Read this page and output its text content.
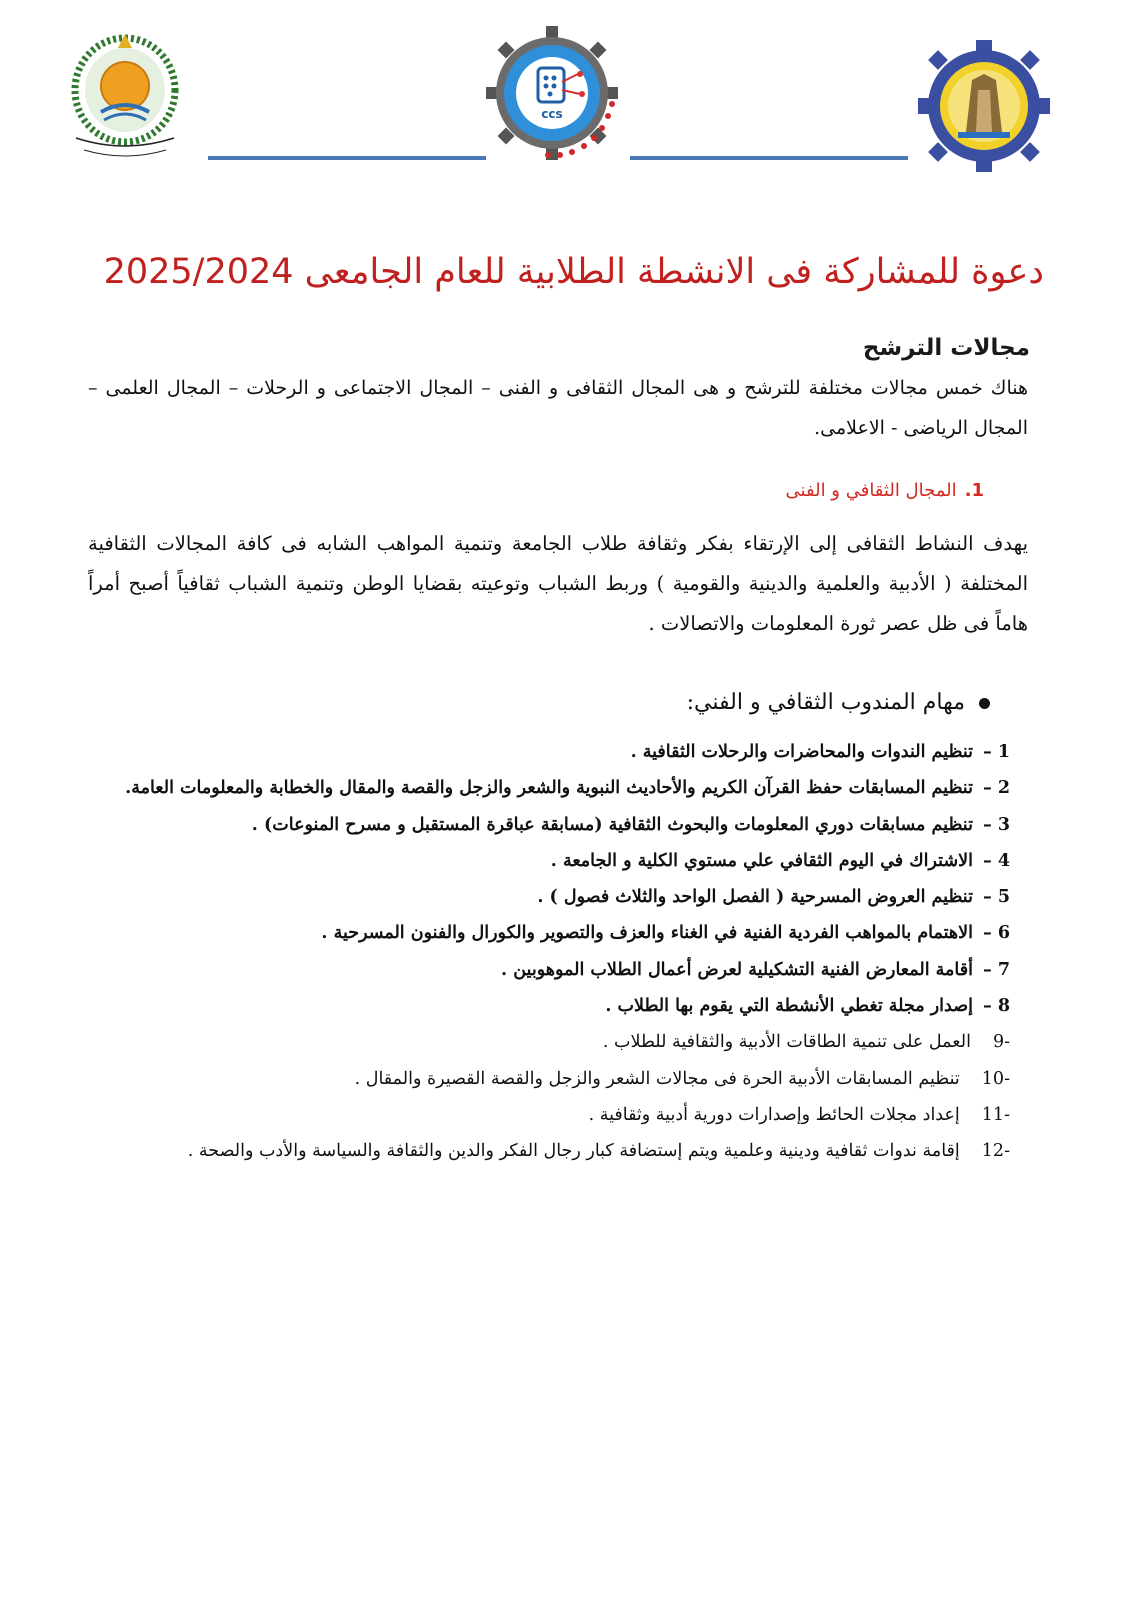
ccs
دعوة للمشاركة فى الانشطة الطلابية للعام الجامعى 2025/2024
مجالات الترشح
هناك خمس مجالات مختلفة للترشح و هى المجال الثقافى و الفنى – المجال الاجتماعى و الرحلات – المجال العلمى – المجال الرياضى - الاعلامى.
1.المجال الثقافي و الفنى
يهدف النشاط الثقافى إلى الإرتقاء بفكر وثقافة طلاب الجامعة وتنمية المواهب الشابه فى كافة المجالات الثقافية المختلفة ( الأدبية والعلمية والدينية والقومية ) وربط الشباب وتوعيته بقضايا الوطن وتنمية الشباب ثقافياً أصبح أمراً هاماً فى ظل عصر ثورة المعلومات والاتصالات .
مهام المندوب الثقافي و الفني:
1 –تنظيم الندوات والمحاضرات والرحلات الثقافية .
2 –تنظيم المسابقات حفظ القرآن الكريم والأحاديث النبوية والشعر والزجل والقصة والمقال والخطابة والمعلومات العامة.
3 –تنظيم مسابقات دوري المعلومات والبحوث الثقافية (مسابقة عباقرة المستقبل و مسرح المنوعات) .
4 –الاشتراك في اليوم الثقافي علي مستوي الكلية و الجامعة .
5 –تنظيم العروض المسرحية ( الفصل الواحد والثلاث فصول ) .
6 –الاهتمام بالمواهب الفردية الفنية في الغناء والعزف والتصوير والكورال والفنون المسرحية .
7 –أقامة المعارض الفنية التشكيلية لعرض أعمال الطلاب الموهوبين .
8 –إصدار مجلة تغطي الأنشطة التي يقوم بها الطلاب .
-9العمل على تنمية الطاقات الأدبية والثقافية للطلاب .
-10تنظيم المسابقات الأدبية الحرة فى مجالات الشعر والزجل والقصة القصيرة والمقال .
-11إعداد مجلات الحائط وإصدارات دورية أدبية وثقافية .
-12إقامة ندوات ثقافية ودينية وعلمية ويتم إستضافة كبار رجال الفكر والدين والثقافة والسياسة والأدب والصحة .
